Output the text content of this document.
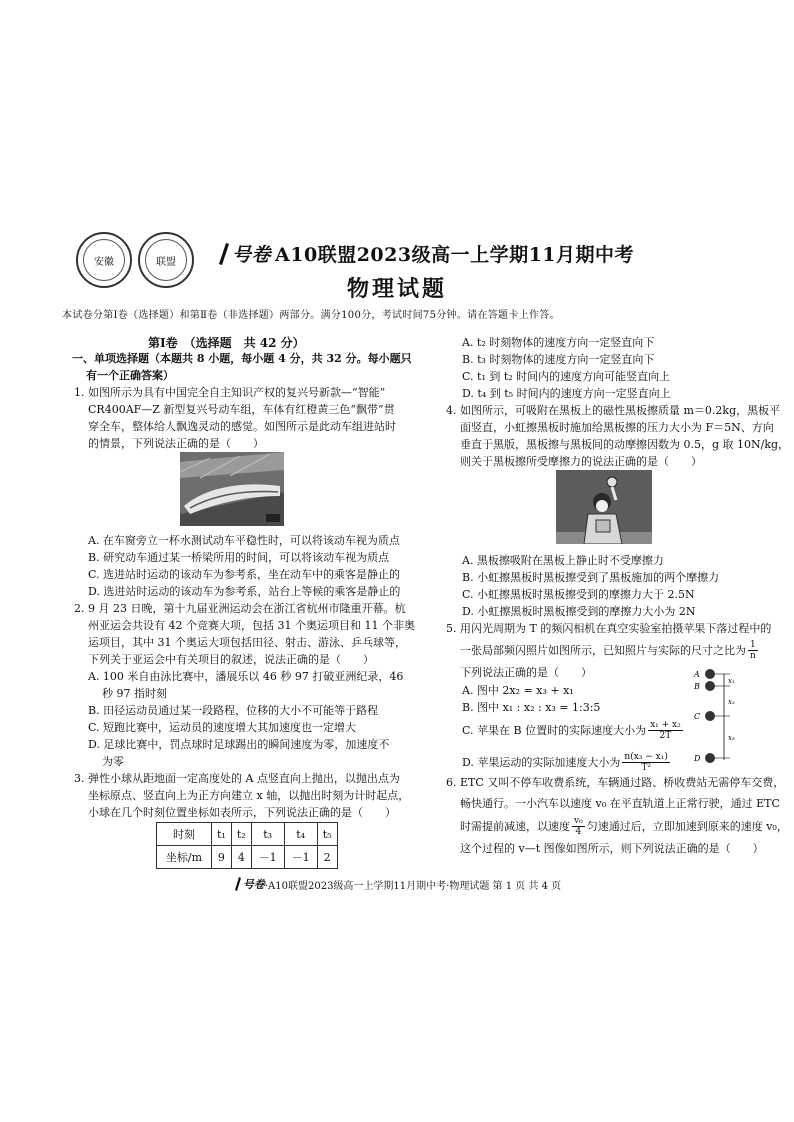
安徽	联盟	号卷 A10联盟2023级高一上学期11月期中考
物理试题
本试卷分第Ⅰ卷（选择题）和第Ⅱ卷（非选择题）两部分。满分100分，考试时间75分钟。请在答题卡上作答。
第Ⅰ卷　（选择题　共 42 分）
一、单项选择题（本题共 8 小题，每小题 4 分，共 32 分。每小题只
有一个正确答案）
1. 如图所示为具有中国完全自主知识产权的复兴号新款—“智能”
CR400AF—Z 新型复兴号动车组，车体有红橙黄三色“飘带”贯
穿全车，整体给人飘逸灵动的感觉。如图所示是此动车组进站时
的情景，下列说法正确的是（　　）
A. 在车窗旁立一杯水测试动车平稳性时，可以将该动车视为质点
B. 研究动车通过某一桥梁所用的时间，可以将该动车视为质点
C. 选进站时运动的该动车为参考系，坐在动车中的乘客是静止的
D. 选进站时运动的该动车为参考系，站台上等候的乘客是静止的
2. 9 月 23 日晚，第十九届亚洲运动会在浙江省杭州市隆重开幕。杭
州亚运会共设有 42 个竞赛大项，包括 31 个奥运项目和 11 个非奥
运项目，其中 31 个奥运大项包括田径、射击、游泳、乒乓球等，
下列关于亚运会中有关项目的叙述，说法正确的是（　　）
A. 100 米自由泳比赛中，潘展乐以 46 秒 97 打破亚洲纪录，46
秒 97 指时刻
B. 田径运动员通过某一段路程，位移的大小不可能等于路程
C. 短跑比赛中，运动员的速度增大其加速度也一定增大
D. 足球比赛中，罚点球时足球踢出的瞬间速度为零，加速度不
为零
3. 弹性小球从距地面一定高度处的 A 点竖直向上抛出，以抛出点为
坐标原点、竖直向上为正方向建立 x 轴，以抛出时刻为计时起点，
小球在几个时刻位置坐标如表所示，下列说法正确的是（　　）
时刻	t₁	t₂	t₃	t₄	t₅
坐标/m	9	4	－1	－1	2
A. t₂ 时刻物体的速度方向一定竖直向下
B. t₃ 时刻物体的速度方向一定竖直向下
C. t₁ 到 t₂ 时间内的速度方向可能竖直向上
D. t₄ 到 t₅ 时间内的速度方向一定竖直向上
4. 如图所示，可吸附在黑板上的磁性黑板擦质量 m＝0.2kg，黑板平
面竖直，小虹擦黑板时施加给黑板擦的压力大小为 F＝5N、方向
垂直于黑版，黑板擦与黑板间的动摩擦因数为 0.5，g 取 10N/kg，
则关于黑板擦所受摩擦力的说法正确的是（　　）
A. 黑板擦吸附在黑板上静止时不受摩擦力
B. 小虹擦黑板时黑板擦受到了黑板施加的两个摩擦力
C. 小虹擦黑板时黑板擦受到的摩擦力大于 2.5N
D. 小虹擦黑板时黑板擦受到的摩擦力大小为 2N
5. 用闪光周期为 T 的频闪相机在真空实验室拍摄苹果下落过程中的
一张局部频闪照片如图所示，已知照片与实际的尺寸之比为 $\frac{1}{n}$
下列说法正确的是（　　）
A. 图中 2x₂ = x₃ + x₁
B. 图中 x₁ : x₂ : x₃ = 1:3:5
C. 苹果在 B 位置时的实际速度大小为 $\frac{\text{x₁ + x₂}}{2T}$
D. 苹果运动的实际加速度大小为 $\frac{\text{n(x₃ − x₁)}}{\text{T²}}$
A
B
C
D
x₁
x₂
x₃
6. ETC 又叫不停车收费系统，车辆通过路、桥收费站无需停车交费，
畅快通行。一小汽车以速度 v₀ 在平直轨道上正常行驶，通过 ETC
时需提前减速，以速度 $\frac{\text{v₀}}{4}$ 匀速通过后，立即加速到原来的速度 v₀，
这个过程的 v—t 图像如图所示，则下列说法正确的是（　　）
号卷 ·A10联盟2023级高一上学期11月期中考·物理试题 第 1 页 共 4 页
